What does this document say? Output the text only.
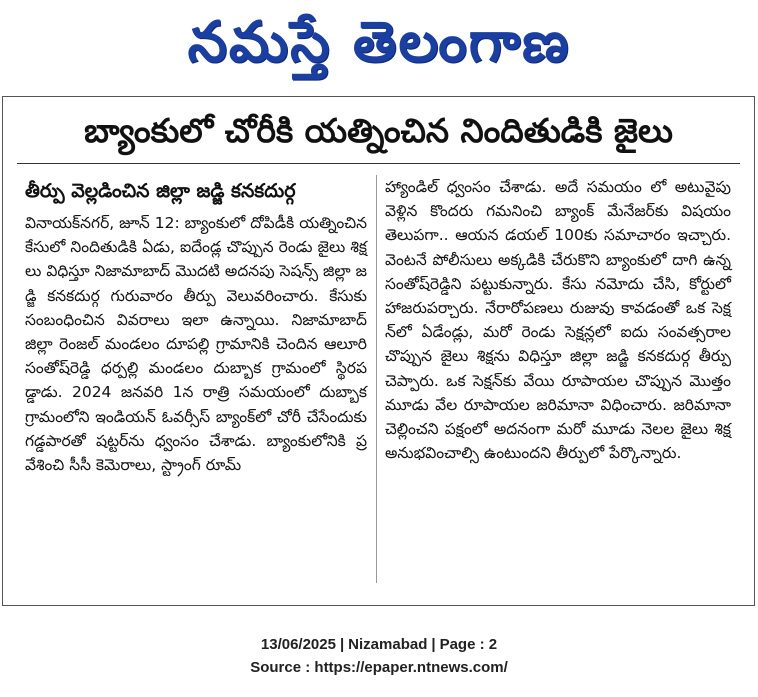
నమస్తే తెలంగాణ
బ్యాంకులో చోరీకి యత్నించిన నిందితుడికి జైలు
తీర్పు వెల్లడించిన జిల్లా జడ్జి కనకదుర్గ

వినాయక్‌నగర్, జూన్ 12: బ్యాంకులో దోపిడీకి యత్నించిన కేసులో నిందితుడికి ఏడు, ఐదేండ్ల చొప్పున రెండు జైలు శిక్షలు విధిస్తూ నిజామాబాద్ మొదటి అదనపు సెషన్స్ జిల్లా జడ్జి కనకదుర్గ గురువారం తీర్పు వెలువరించారు. కేసుకు సంబంధించిన వివరాలు ఇలా ఉన్నాయి. నిజామాబాద్ జిల్లా రెంజల్ మండలం దూపల్లి గ్రామానికి చెందిన ఆలూరి సంతోష్‌రెడ్డి ధర్పల్లి మండలం దుబ్బాక గ్రామంలో స్థిరపడ్డాడు. 2024 జనవరి 1న రాత్రి సమయంలో దుబ్బాక గ్రామంలోని ఇండియన్ ఓవర్సీస్ బ్యాంక్‌లో చోరీ చేసేందుకు గడ్డపారతో షట్టర్‌ను ధ్వంసం చేశాడు. బ్యాంకులోనికి ప్రవేశించి సీసీ కెమెరాలు, స్ట్రాంగ్ రూమ్

హ్యాండిల్ ధ్వంసం చేశాడు. అదే సమయం లో అటువైపు వెళ్లిన కొందరు గమనించి బ్యాంక్ మేనేజర్‌కు విషయం తెలుపగా.. ఆయన డయల్ 100కు సమాచారం ఇచ్చారు. వెంటనే పోలీసులు అక్కడికి చేరుకొని బ్యాంకులో దాగి ఉన్న సంతోష్‌రెడ్డిని పట్టుకున్నారు. కేసు నమోదు చేసి, కోర్టులో హాజరుపర్చారు. నేరారోపణలు రుజువు కావడంతో ఒక సెక్షన్‌లో ఏడేండ్లు, మరో రెండు సెక్షన్లలో ఐదు సంవత్సరాల చొప్పున జైలు శిక్షను విధిస్తూ జిల్లా జడ్జి కనకదుర్గ తీర్పు చెప్పారు. ఒక సెక్షన్‌కు వేయి రూపాయల చొప్పున మొత్తం మూడు వేల రూపాయల జరిమానా విధించారు. జరిమానా చెల్లించని పక్షంలో అదనంగా మరో మూడు నెలల జైలు శిక్ష అనుభవించాల్సి ఉంటుందని తీర్పులో పేర్కొన్నారు.

13/06/2025 | Nizamabad | Page : 2
Source : https://epaper.ntnews.com/
